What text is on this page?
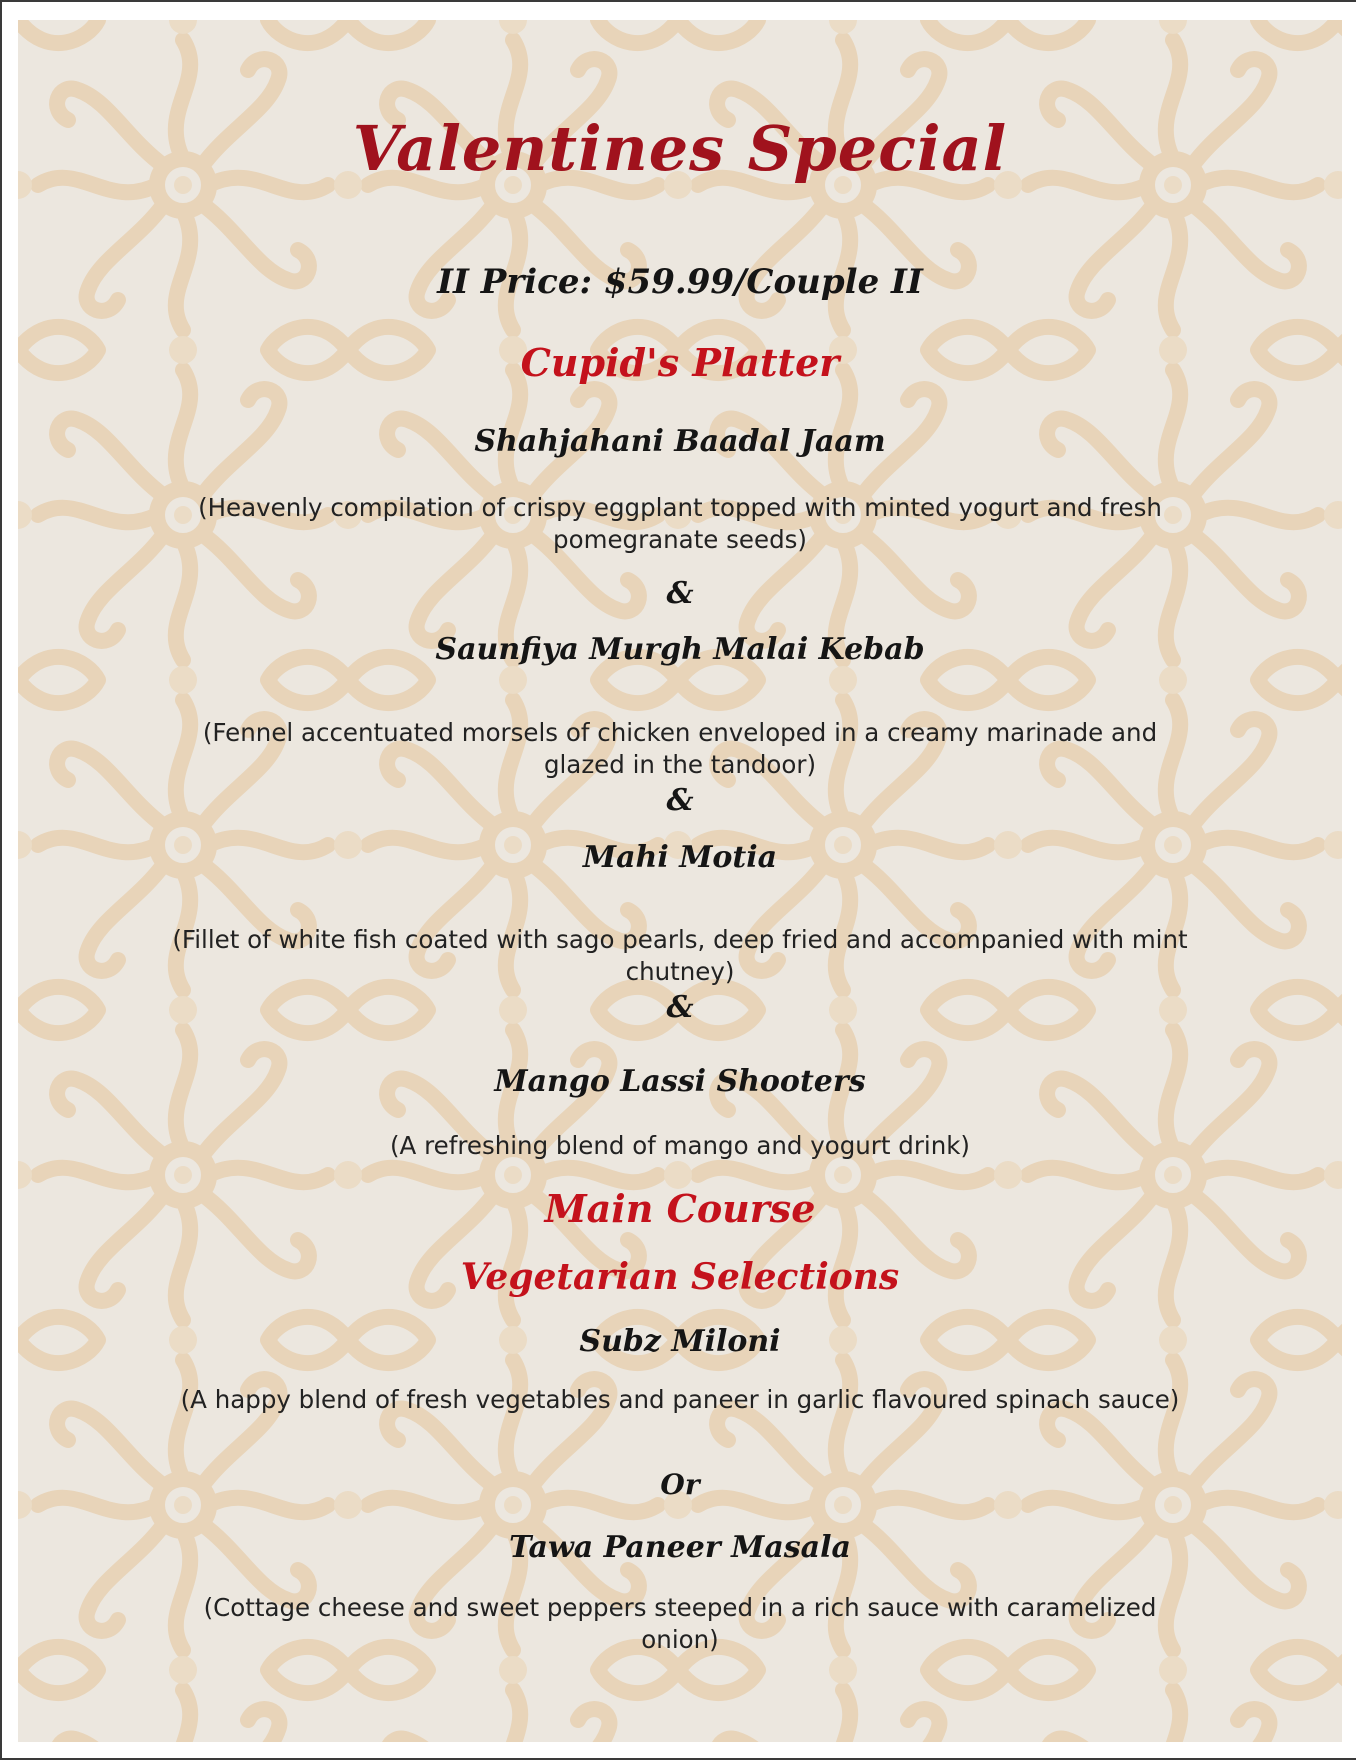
Valentines Special
II Price: $59.99/Couple II
Cupid's Platter
Shahjahani Baadal Jaam

(Heavenly compilation of crispy eggplant topped with minted yogurt and fresh pomegranate seeds)

&
Saunfiya Murgh Malai Kebab

(Fennel accentuated morsels of chicken enveloped in a creamy marinade and glazed in the tandoor)

&
Mahi Motia

(Fillet of white fish coated with sago pearls, deep fried and accompanied with mint chutney)

&
Mango Lassi Shooters

(A refreshing blend of mango and yogurt drink)

Main Course
Vegetarian Selections
Subz Miloni

(A happy blend of fresh vegetables and paneer in garlic flavoured spinach sauce)

Or
Tawa Paneer Masala

(Cottage cheese and sweet peppers steeped in a rich sauce with caramelized onion)
